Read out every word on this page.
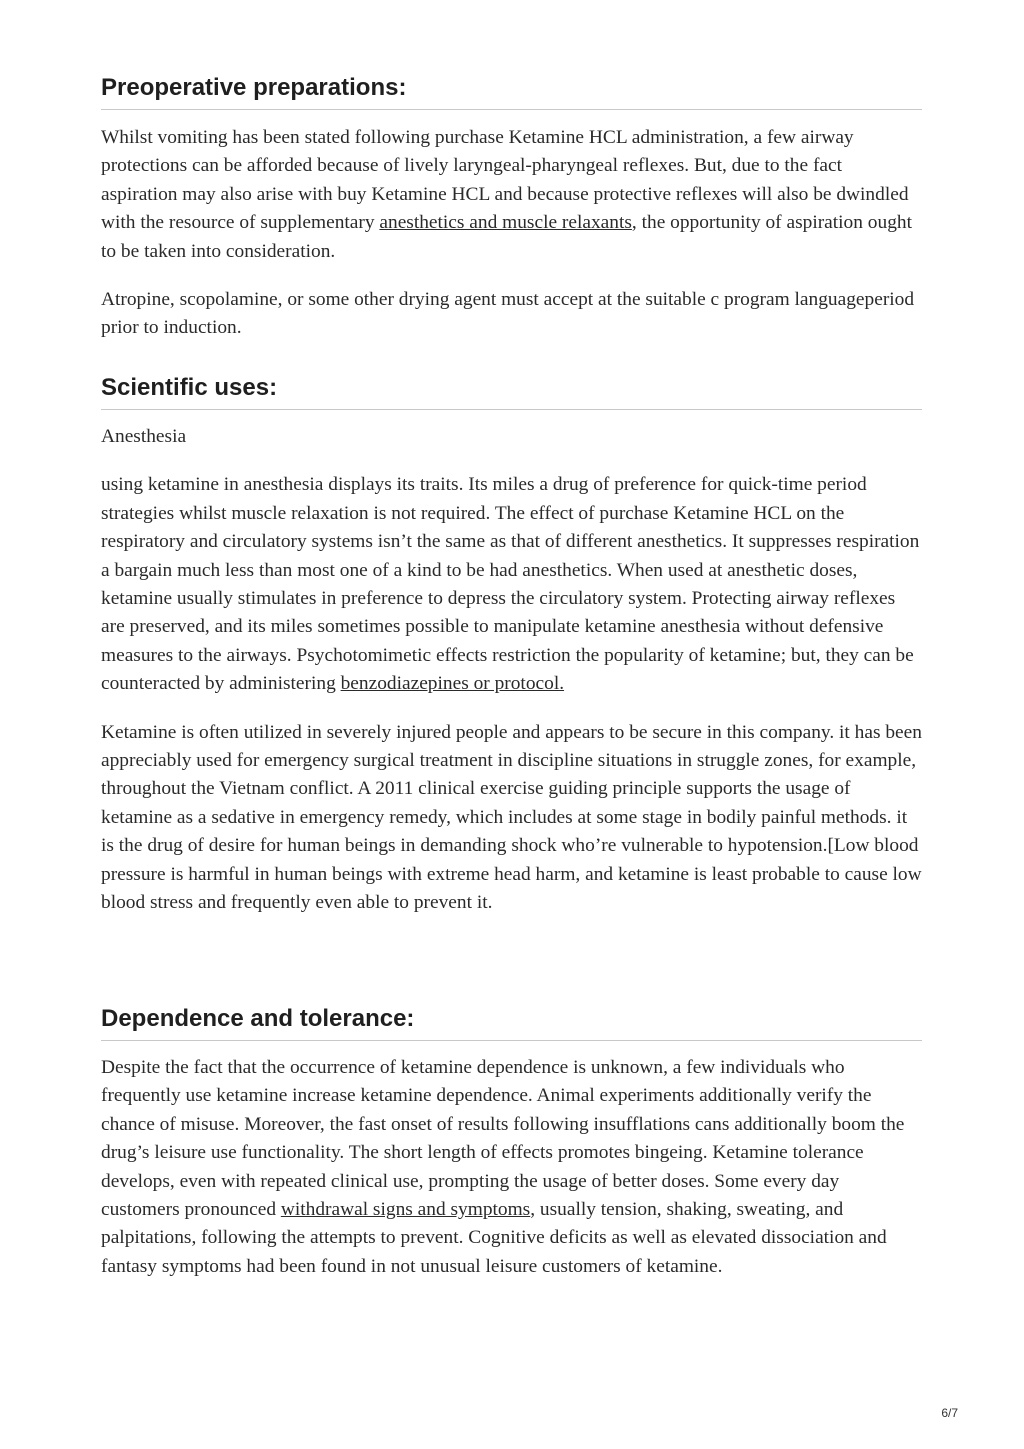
Preoperative preparations:

Whilst vomiting has been stated following purchase Ketamine HCL administration, a few airway protections can be afforded because of lively laryngeal-pharyngeal reflexes. But, due to the fact aspiration may also arise with buy Ketamine HCL and because protective reflexes will also be dwindled with the resource of supplementary anesthetics and muscle relaxants, the opportunity of aspiration ought to be taken into consideration.

Atropine, scopolamine, or some other drying agent must accept at the suitable c program languageperiod prior to induction.

Scientific uses:

Anesthesia

using ketamine in anesthesia displays its traits. Its miles a drug of preference for quick-time period strategies whilst muscle relaxation is not required. The effect of purchase Ketamine HCL on the respiratory and circulatory systems isn’t the same as that of different anesthetics. It suppresses respiration a bargain much less than most one of a kind to be had anesthetics. When used at anesthetic doses, ketamine usually stimulates in preference to depress the circulatory system. Protecting airway reflexes are preserved, and its miles sometimes possible to manipulate ketamine anesthesia without defensive measures to the airways. Psychotomimetic effects restriction the popularity of ketamine; but, they can be counteracted by administering benzodiazepines or protocol.

Ketamine is often utilized in severely injured people and appears to be secure in this company. it has been appreciably used for emergency surgical treatment in discipline situations in struggle zones, for example, throughout the Vietnam conflict. A 2011 clinical exercise guiding principle supports the usage of ketamine as a sedative in emergency remedy, which includes at some stage in bodily painful methods. it is the drug of desire for human beings in demanding shock who’re vulnerable to hypotension.[Low blood pressure is harmful in human beings with extreme head harm, and ketamine is least probable to cause low blood stress and frequently even able to prevent it.

Dependence and tolerance:

Despite the fact that the occurrence of ketamine dependence is unknown, a few individuals who frequently use ketamine increase ketamine dependence. Animal experiments additionally verify the chance of misuse. Moreover, the fast onset of results following insufflations cans additionally boom the drug’s leisure use functionality. The short length of effects promotes bingeing. Ketamine tolerance develops, even with repeated clinical use, prompting the usage of better doses. Some every day customers pronounced withdrawal signs and symptoms, usually tension, shaking, sweating, and palpitations, following the attempts to prevent. Cognitive deficits as well as elevated dissociation and fantasy symptoms had been found in not unusual leisure customers of ketamine.

6/7
